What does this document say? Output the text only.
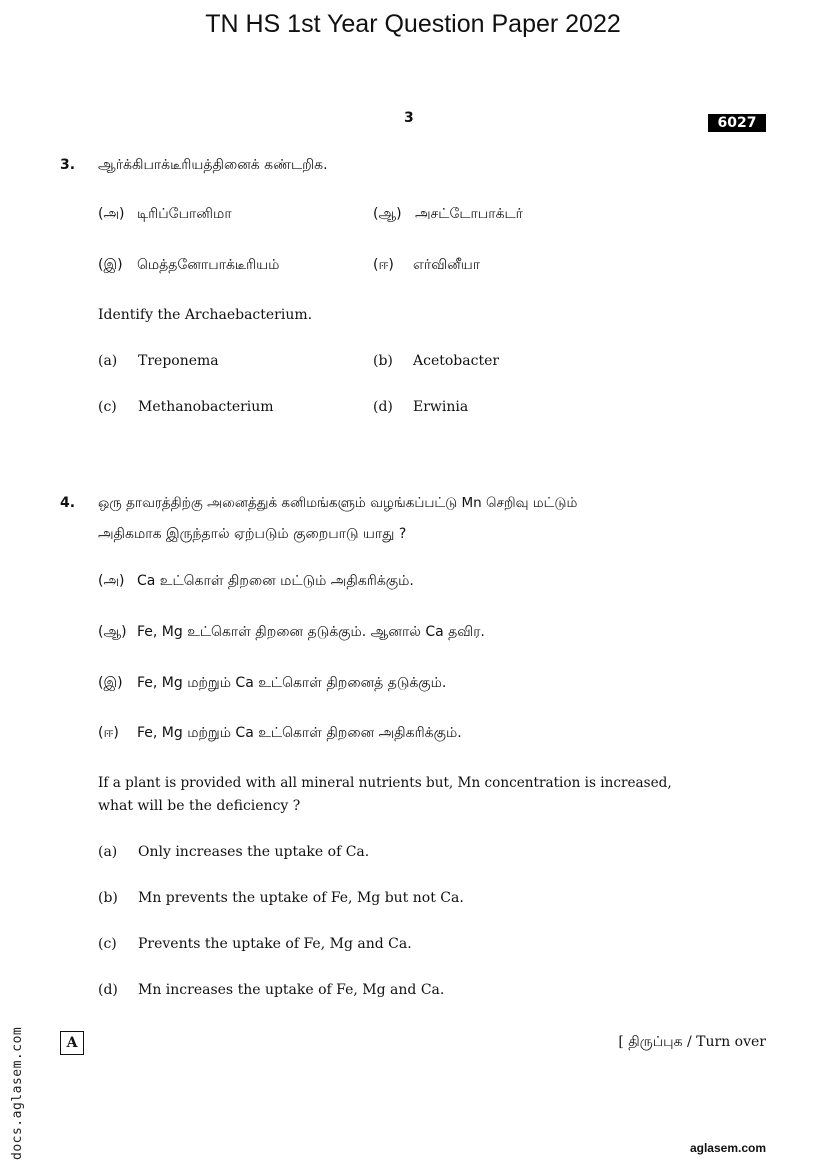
TN HS 1st Year Question Paper 2022
3	6027
3. ஆர்க்கிபாக்டீரியத்தினைக் கண்டறிக.
(அ) டிரிப்போனிமா	(ஆ) அசட்டோபாக்டர்
(இ) மெத்தனோபாக்டீரியம்	(ஈ) எர்வினீயா
Identify the Archaebacterium.
(a) Treponema	(b) Acetobacter
(c) Methanobacterium	(d) Erwinia
4. ஒரு தாவரத்திற்கு அனைத்துக் கனிமங்களும் வழங்கப்பட்டு Mn செறிவு மட்டும்
அதிகமாக இருந்தால் ஏற்படும் குறைபாடு யாது ?
(அ) Ca உட்கொள் திறனை மட்டும் அதிகரிக்கும்.
(ஆ) Fe, Mg உட்கொள் திறனை தடுக்கும். ஆனால் Ca தவிர.
(இ) Fe, Mg மற்றும் Ca உட்கொள் திறனைத் தடுக்கும்.
(ஈ) Fe, Mg மற்றும் Ca உட்கொள் திறனை அதிகரிக்கும்.
If a plant is provided with all mineral nutrients but, Mn concentration is increased,
what will be the deficiency ?
(a) Only increases the uptake of Ca.
(b) Mn prevents the uptake of Fe, Mg but not Ca.
(c) Prevents the uptake of Fe, Mg and Ca.
(d) Mn increases the uptake of Fe, Mg and Ca.
A	[ திருப்புக / Turn over
docs.aglasem.com	aglasem.com
